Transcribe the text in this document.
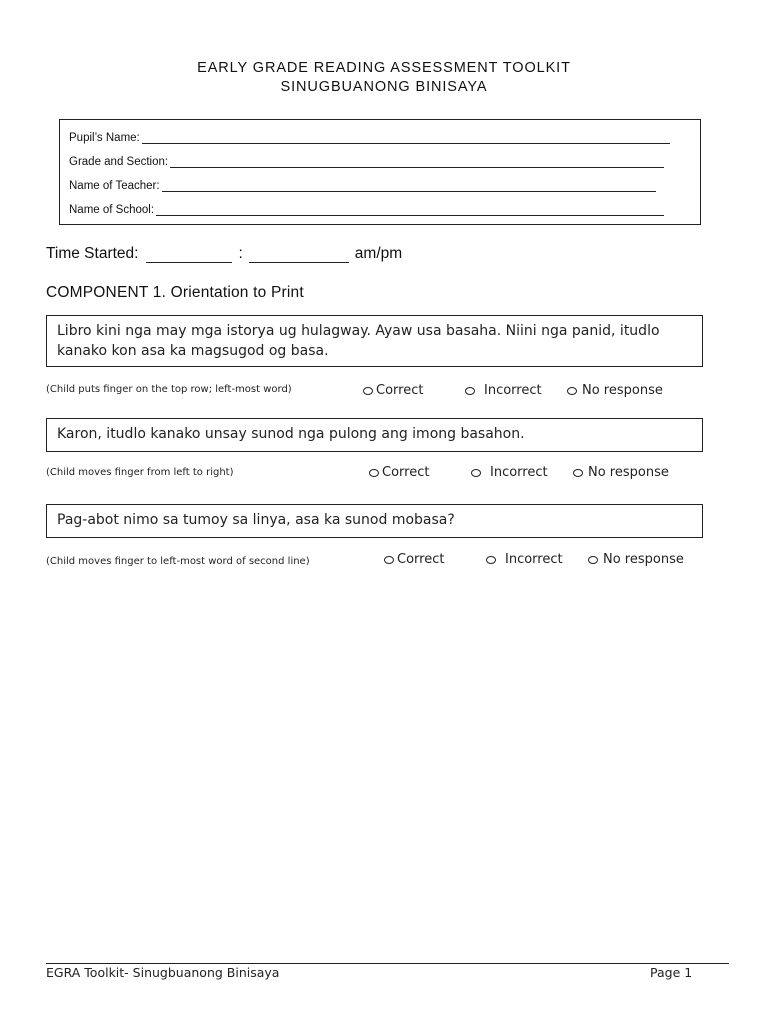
EARLY GRADE READING ASSESSMENT TOOLKIT
SINUGBUANONG BINISAYA
Pupil’s Name:
Grade and Section:
Name of Teacher:
Name of School:
Time Started :	:	am/pm
COMPONENT 1. Orientation to Print
Libro kini nga may mga istorya ug hulagway. Ayaw usa basaha. Niini nga panid, itudlo kanako kon asa ka magsugod og basa.
(Child puts finger on the top row; left-most word)	Correct	Incorrect	No response
Karon, itudlo kanako unsay sunod nga pulong ang imong basahon.
(Child moves finger from left to right)	Correct	Incorrect	No response
Pag-abot nimo sa tumoy sa linya, asa ka sunod mobasa?
(Child moves finger to left-most word of second line)	Correct	Incorrect	No response
EGRA Toolkit- Sinugbuanong Binisaya	Page 1
